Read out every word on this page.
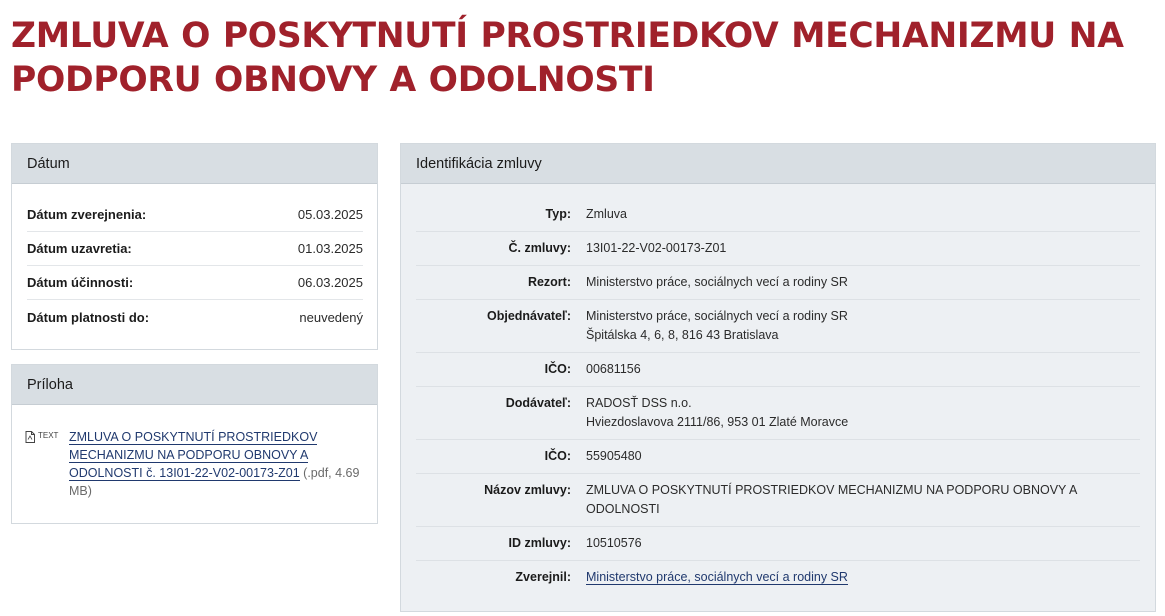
ZMLUVA O POSKYTNUTÍ PROSTRIEDKOV MECHANIZMU NA PODPORU OBNOVY A ODOLNOSTI
Dátum
Dátum zverejnenia:	05.03.2025
Dátum uzavretia:	01.03.2025
Dátum účinnosti:	06.03.2025
Dátum platnosti do:	neuvedený
Príloha
TEXT ZMLUVA O POSKYTNUTÍ PROSTRIEDKOV MECHANIZMU NA PODPORU OBNOVY A ODOLNOSTI č. 13I01-22-V02-00173-Z01 (.pdf, 4.69 MB)
Identifikácia zmluvy
Typ:	Zmluva
Č. zmluvy:	13I01-22-V02-00173-Z01
Rezort:	Ministerstvo práce, sociálnych vecí a rodiny SR
Objednávateľ:	Ministerstvo práce, sociálnych vecí a rodiny SR
Špitálska 4, 6, 8, 816 43 Bratislava
IČO:	00681156
Dodávateľ:	RADOSŤ DSS n.o.
Hviezdoslavova 2111/86, 953 01 Zlaté Moravce
IČO:	55905480
Názov zmluvy:	ZMLUVA O POSKYTNUTÍ PROSTRIEDKOV MECHANIZMU NA PODPORU OBNOVY A
ODOLNOSTI
ID zmluvy:	10510576
Zverejnil:	Ministerstvo práce, sociálnych vecí a rodiny SR
